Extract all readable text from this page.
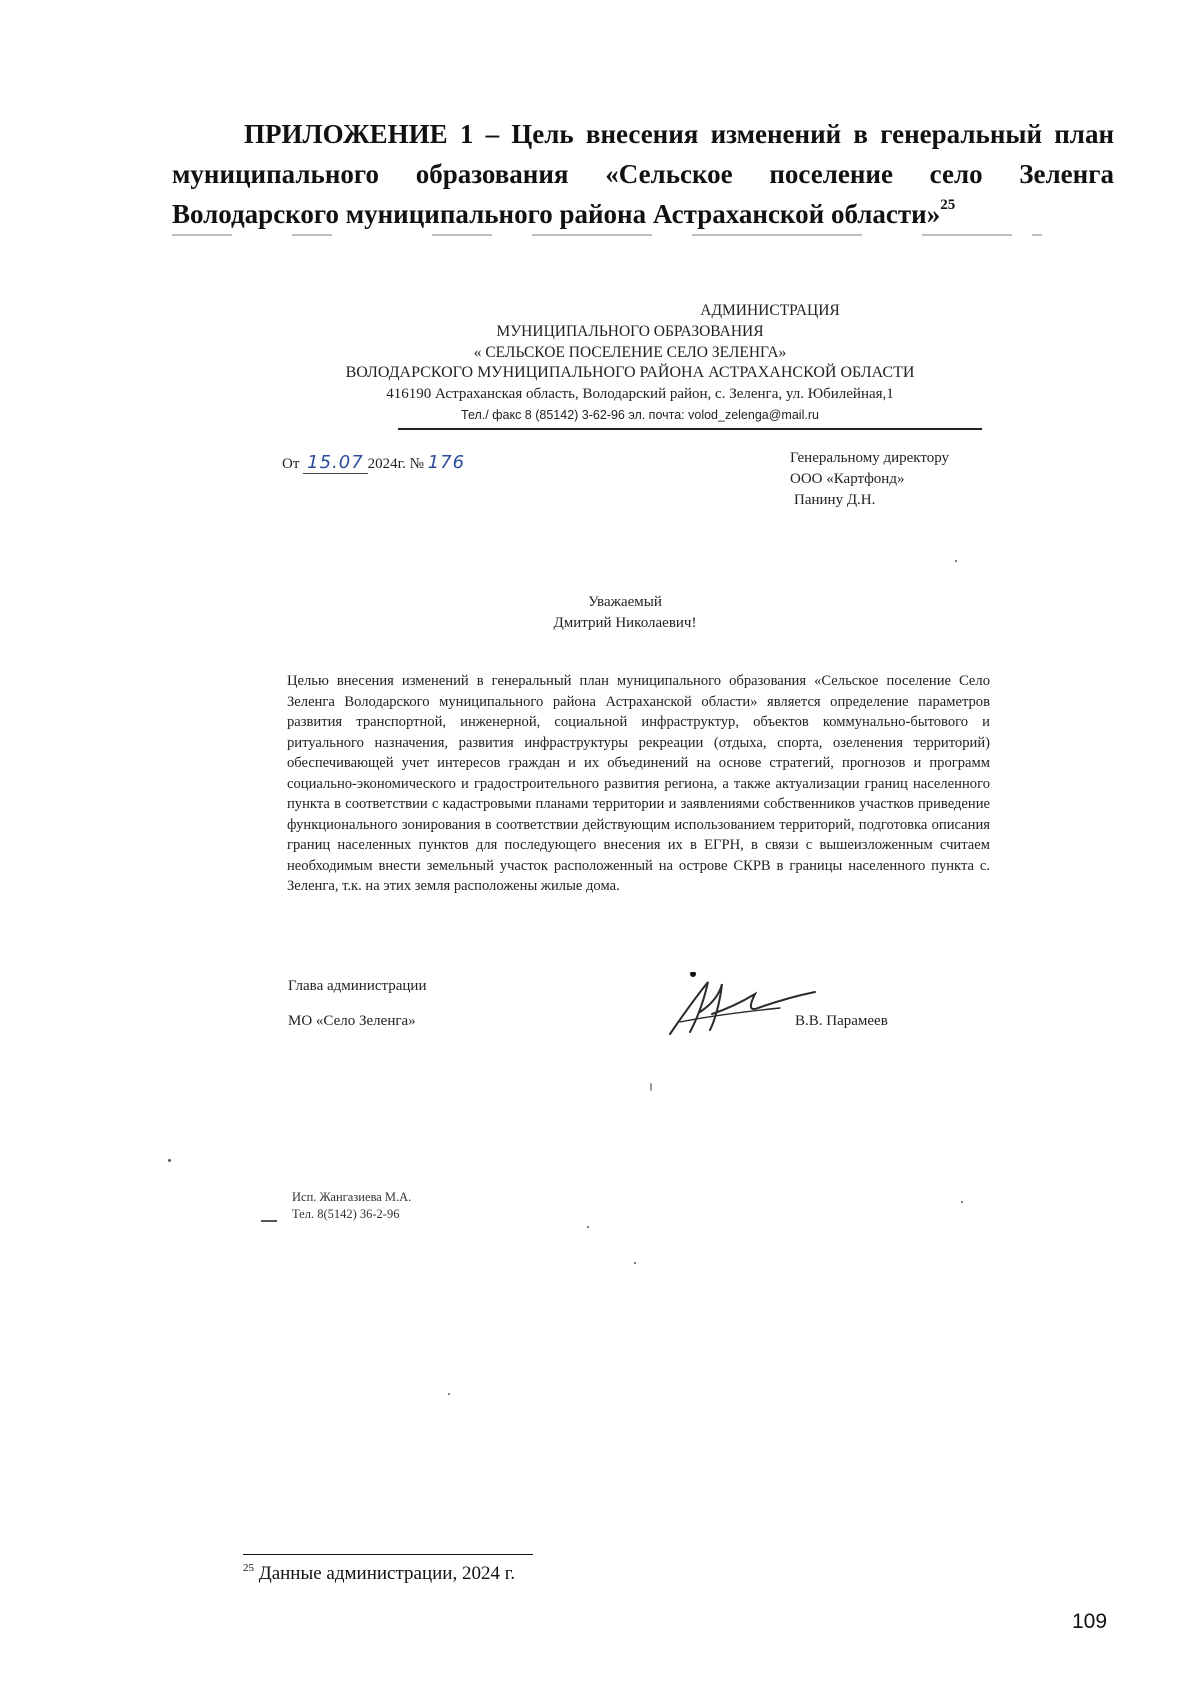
ПРИЛОЖЕНИЕ 1 – Цель внесения изменений в генеральный план
муниципального образования «Сельское поселение село Зеленга
Володарского муниципального района Астраханской области»$^{25}$
АДМИНИСТРАЦИЯ
МУНИЦИПАЛЬНОГО ОБРАЗОВАНИЯ
« СЕЛЬСКОЕ ПОСЕЛЕНИЕ СЕЛО ЗЕЛЕНГА»
ВОЛОДАРСКОГО МУНИЦИПАЛЬНОГО РАЙОНА АСТРАХАНСКОЙ ОБЛАСТИ
416190 Астраханская область, Володарский район, с. Зеленга, ул. Юбилейная,1
Тел./ факс 8 (85142) 3-62-96 эл. почта: volod_zelenga@mail.ru
От 15.07 2024г. № 176	Генеральному директору
ООО «Картфонд»
Панину Д.Н.
Уважаемый
Дмитрий Николаевич!
Целью внесения изменений в генеральный план муниципального образования «Сельское поселение Село Зеленга Володарского муниципального района Астраханской области» является определение параметров развития транспортной, инженерной, социальной инфраструктур, объектов коммунально-бытового и ритуального назначения, развития инфраструктуры рекреации (отдыха, спорта, озеленения территорий) обеспечивающей учет интересов граждан и их объединений на основе стратегий, прогнозов и программ социально-экономического и градостроительного развития региона, а также актуализации границ населенного пункта в соответствии с кадастровыми планами территории и заявлениями собственников участков приведение функционального зонирования в соответствии действующим использованием территорий, подготовка описания границ населенных пунктов для последующего внесения их в ЕГРН, в связи с вышеизложенным считаем необходимым внести земельный участок расположенный на острове СКРВ в границы населенного пункта с. Зеленга, т.к. на этих земля расположены жилые дома.
Глава администрации
МО «Село Зеленга»	В.В. Парамеев
Исп. Жангазиева М.А.
Тел. 8(5142) 36-2-96
$^{25}$ Данные администрации, 2024 г.
109
